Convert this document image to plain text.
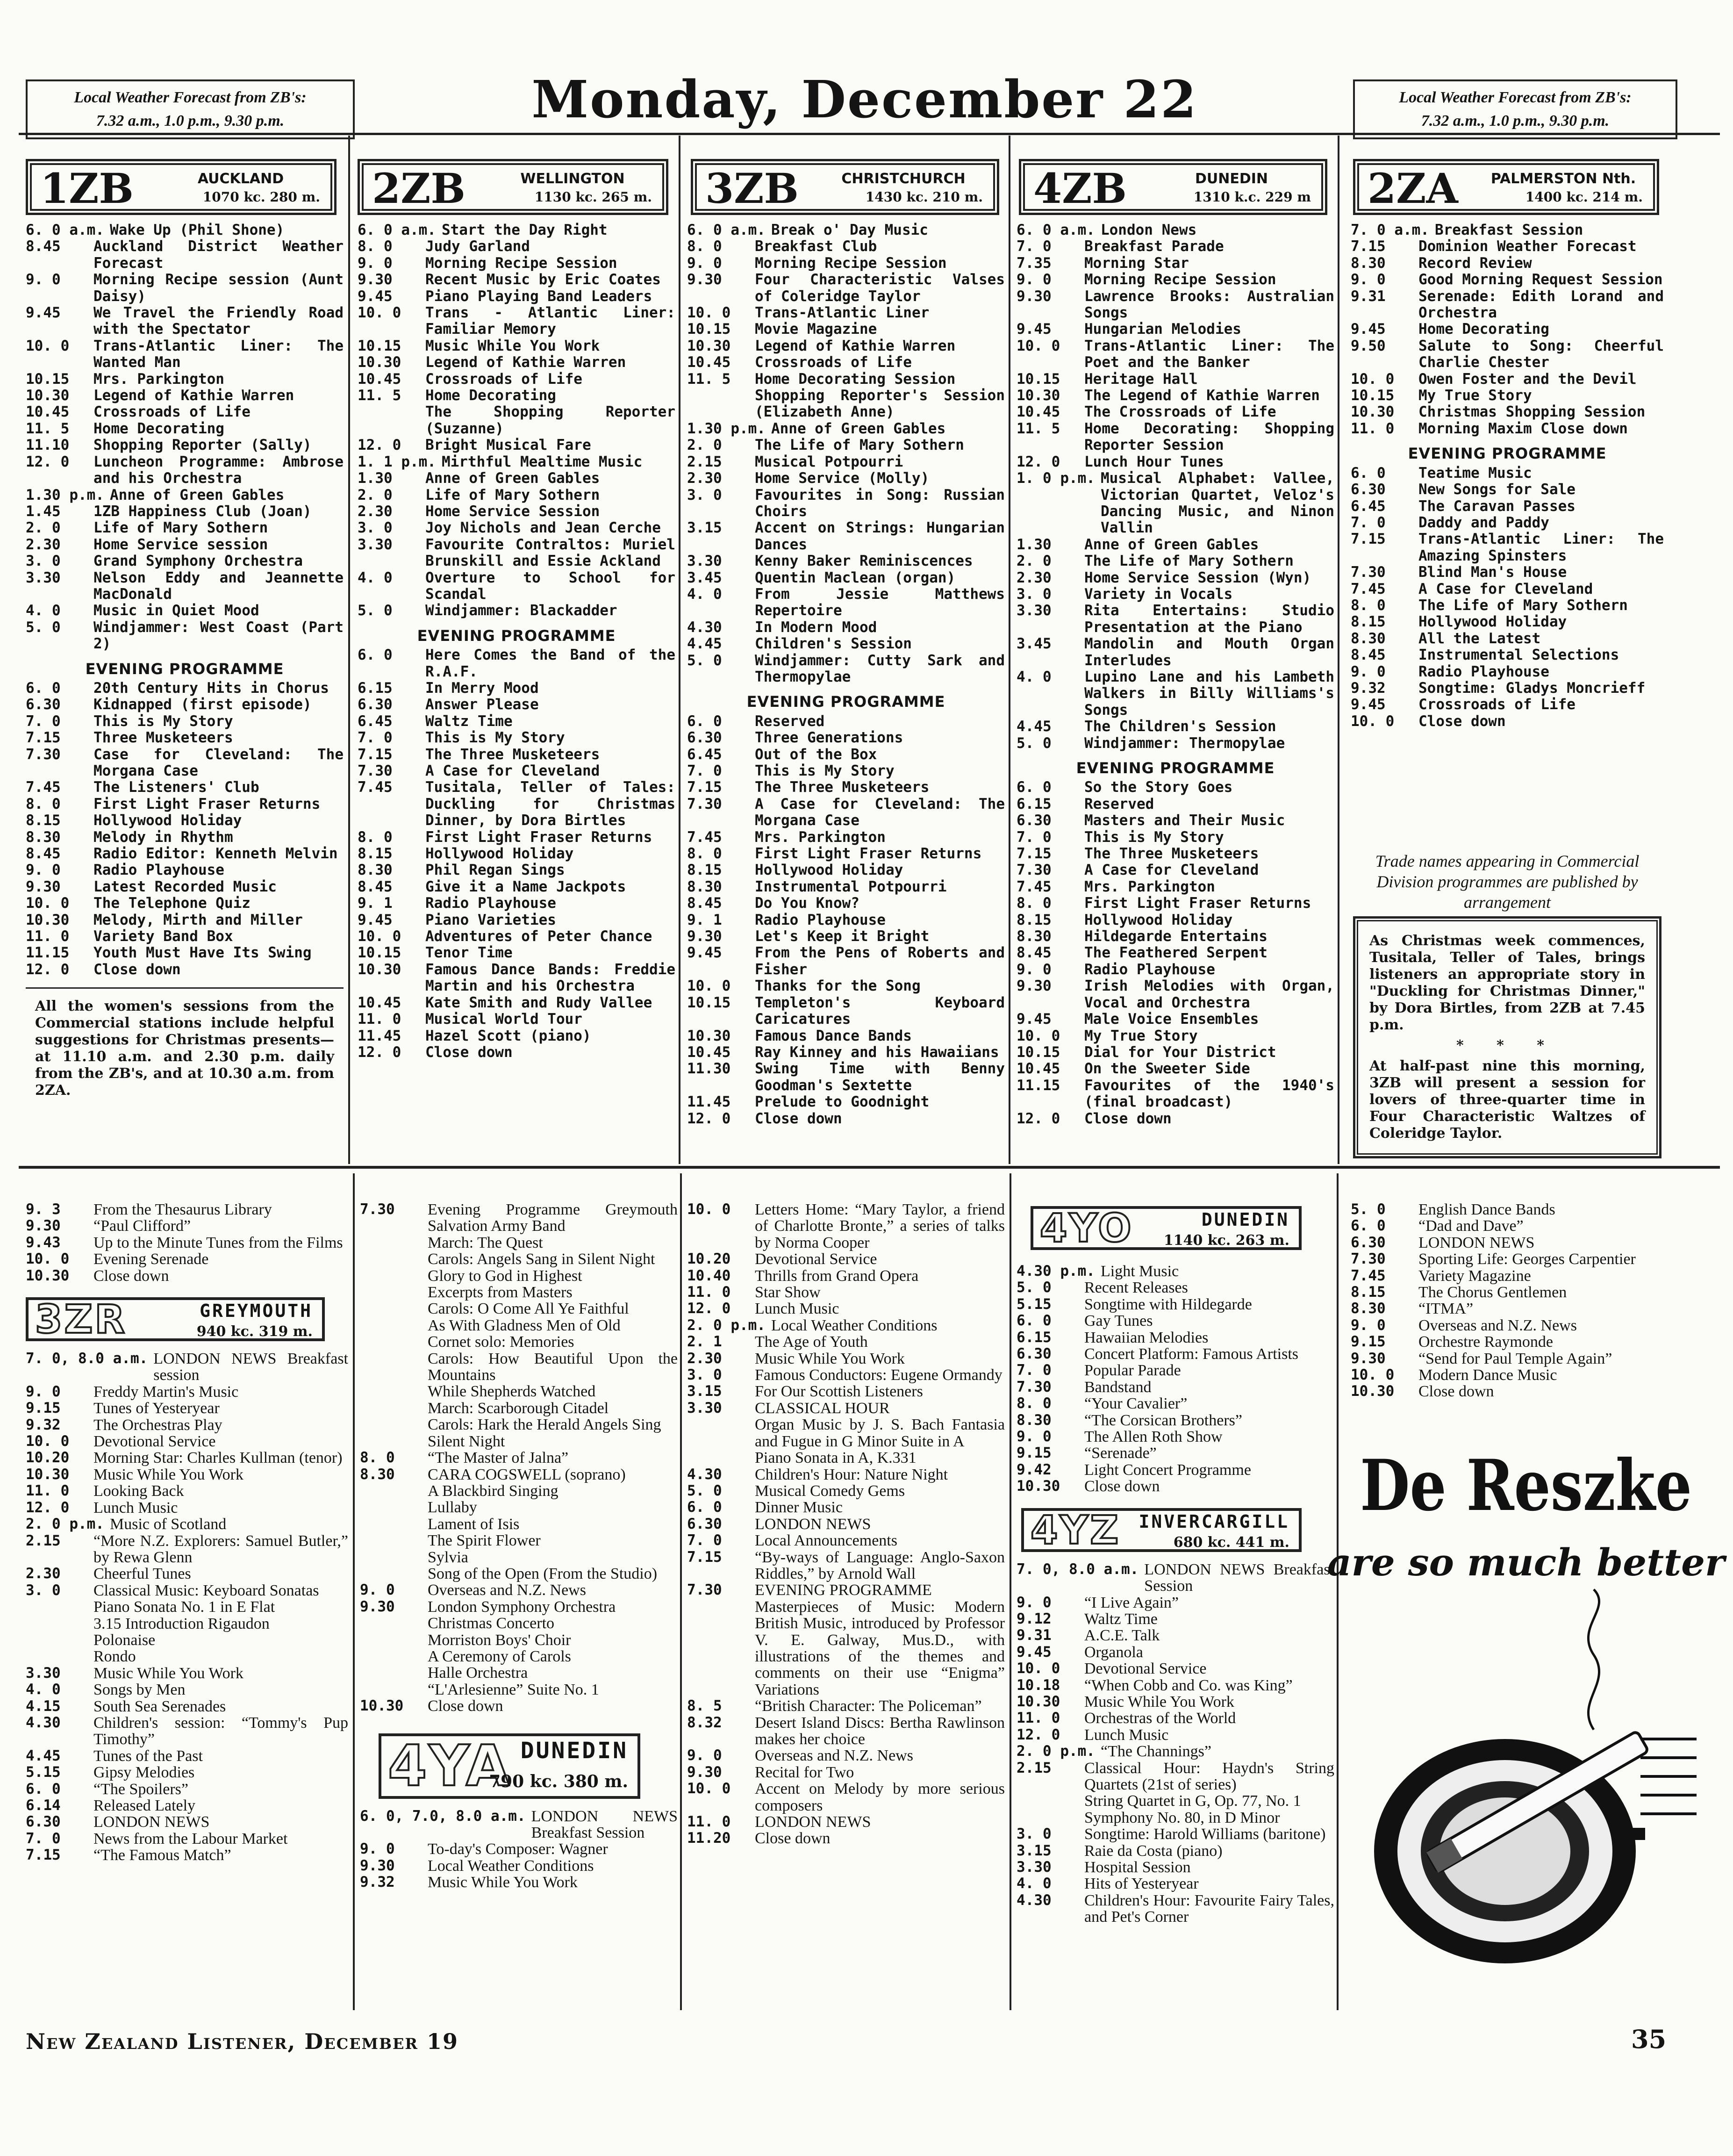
Local Weather Forecast from ZB's:
7.32 a.m., 1.0 p.m., 9.30 p.m.	Monday, December 22	Local Weather Forecast from ZB's:
7.32 a.m., 1.0 p.m., 9.30 p.m.
1ZB	AUCKLAND
1070 kc. 280 m. 2ZB	WELLINGTON
1130 kc. 265 m. 3ZB	CHRISTCHURCH
1430 kc. 210 m. 4ZB	DUNEDIN
1310 k.c. 229 m 2ZA PALMERSTON Nth.
1400 kc. 214 m.
6. 0 a.m. Wake Up (Phil Shone)
8.45	Auckland District Weather Forecast
9. 0	Morning Recipe session (Aunt Daisy)
9.45	We Travel the Friendly Road with the Spectator
10. 0	Trans-Atlantic Liner: The Wanted Man
10.15	Mrs. Parkington
10.30	Legend of Kathie Warren
10.45	Crossroads of Life
11. 5	Home Decorating
11.10	Shopping Reporter (Sally)
12. 0	Luncheon Programme: Ambrose and his Orchestra
1.30 p.m. Anne of Green Gables
1.45	1ZB Happiness Club (Joan)
2. 0	Life of Mary Sothern
2.30	Home Service session
3. 0	Grand Symphony Orchestra
3.30	Nelson Eddy and Jeannette MacDonald
4. 0	Music in Quiet Mood
5. 0	Windjammer: West Coast (Part 2)
EVENING PROGRAMME
6. 0	20th Century Hits in Chorus
6.30	Kidnapped (first episode)
7. 0	This is My Story
7.15	Three Musketeers
7.30	Case for Cleveland: The Morgana Case
7.45	The Listeners' Club
8. 0	First Light Fraser Returns
8.15	Hollywood Holiday
8.30	Melody in Rhythm
8.45	Radio Editor: Kenneth Melvin
9. 0	Radio Playhouse
9.30	Latest Recorded Music
10. 0	The Telephone Quiz
10.30	Melody, Mirth and Miller
11. 0	Variety Band Box
11.15	Youth Must Have Its Swing
12. 0	Close down
All the women's sessions from the Commercial stations include helpful suggestions for Christmas presents—at 11.10 a.m. and 2.30 p.m. daily from the ZB's, and at 10.30 a.m. from 2ZA.
6. 0 a.m. Start the Day Right
8. 0	Judy Garland
9. 0	Morning Recipe Session
9.30	Recent Music by Eric Coates
9.45	Piano Playing Band Leaders
10. 0	Trans - Atlantic Liner: Familiar Memory
10.15	Music While You Work
10.30	Legend of Kathie Warren
10.45	Crossroads of Life
11. 5	Home Decorating
The Shopping Reporter (Suzanne)
12. 0	Bright Musical Fare
1. 1 p.m. Mirthful Mealtime Music
1.30	Anne of Green Gables
2. 0	Life of Mary Sothern
2.30	Home Service Session
3. 0	Joy Nichols and Jean Cerche
3.30	Favourite Contraltos: Muriel Brunskill and Essie Ackland
4. 0	Overture to School for Scandal
5. 0	Windjammer: Blackadder
EVENING PROGRAMME
6. 0	Here Comes the Band of the R.A.F.
6.15	In Merry Mood
6.30	Answer Please
6.45	Waltz Time
7. 0	This is My Story
7.15	The Three Musketeers
7.30	A Case for Cleveland
7.45	Tusitala, Teller of Tales: Duckling for Christmas Dinner, by Dora Birtles
8. 0	First Light Fraser Returns
8.15	Hollywood Holiday
8.30	Phil Regan Sings
8.45	Give it a Name Jackpots
9. 1	Radio Playhouse
9.45	Piano Varieties
10. 0	Adventures of Peter Chance
10.15	Tenor Time
10.30	Famous Dance Bands: Freddie Martin and his Orchestra
10.45	Kate Smith and Rudy Vallee
11. 0	Musical World Tour
11.45	Hazel Scott (piano)
12. 0	Close down
6. 0 a.m. Break o' Day Music
8. 0	Breakfast Club
9. 0	Morning Recipe Session
9.30	Four Characteristic Valses of Coleridge Taylor
10. 0	Trans-Atlantic Liner
10.15	Movie Magazine
10.30	Legend of Kathie Warren
10.45	Crossroads of Life
11. 5	Home Decorating Session
Shopping Reporter's Session (Elizabeth Anne)
1.30 p.m. Anne of Green Gables
2. 0	The Life of Mary Sothern
2.15	Musical Potpourri
2.30	Home Service (Molly)
3. 0	Favourites in Song: Russian Choirs
3.15	Accent on Strings: Hungarian Dances
3.30	Kenny Baker Reminiscences
3.45	Quentin Maclean (organ)
4. 0	From Jessie Matthews Repertoire
4.30	In Modern Mood
4.45	Children's Session
5. 0	Windjammer: Cutty Sark and Thermopylae
EVENING PROGRAMME
6. 0	Reserved
6.30	Three Generations
6.45	Out of the Box
7. 0	This is My Story
7.15	The Three Musketeers
7.30	A Case for Cleveland: The Morgana Case
7.45	Mrs. Parkington
8. 0	First Light Fraser Returns
8.15	Hollywood Holiday
8.30	Instrumental Potpourri
8.45	Do You Know?
9. 1	Radio Playhouse
9.30	Let's Keep it Bright
9.45	From the Pens of Roberts and Fisher
10. 0	Thanks for the Song
10.15	Templeton's Keyboard Caricatures
10.30	Famous Dance Bands
10.45	Ray Kinney and his Hawaiians
11.30	Swing Time with Benny Goodman's Sextette
11.45	Prelude to Goodnight
12. 0	Close down
6. 0 a.m. London News
7. 0	Breakfast Parade
7.35	Morning Star
9. 0	Morning Recipe Session
9.30	Lawrence Brooks: Australian Songs
9.45	Hungarian Melodies
10. 0	Trans-Atlantic Liner: The Poet and the Banker
10.15	Heritage Hall
10.30	The Legend of Kathie Warren
10.45	The Crossroads of Life
11. 5	Home Decorating: Shopping Reporter Session
12. 0	Lunch Hour Tunes
1. 0 p.m. Musical Alphabet: Vallee, Victorian Quartet, Veloz's Dancing Music, and Ninon Vallin
1.30	Anne of Green Gables
2. 0	The Life of Mary Sothern
2.30	Home Service Session (Wyn)
3. 0	Variety in Vocals
3.30	Rita Entertains: Studio Presentation at the Piano
3.45	Mandolin and Mouth Organ Interludes
4. 0	Lupino Lane and his Lambeth Walkers in Billy Williams's Songs
4.45	The Children's Session
5. 0	Windjammer: Thermopylae
EVENING PROGRAMME
6. 0	So the Story Goes
6.15	Reserved
6.30	Masters and Their Music
7. 0	This is My Story
7.15	The Three Musketeers
7.30	A Case for Cleveland
7.45	Mrs. Parkington
8. 0	First Light Fraser Returns
8.15	Hollywood Holiday
8.30	Hildegarde Entertains
8.45	The Feathered Serpent
9. 0	Radio Playhouse
9.30	Irish Melodies with Organ, Vocal and Orchestra
9.45	Male Voice Ensembles
10. 0	My True Story
10.15	Dial for Your District
10.45	On the Sweeter Side
11.15	Favourites of the 1940's (final broadcast)
12. 0	Close down
7. 0 a.m. Breakfast Session
7.15	Dominion Weather Forecast
8.30	Record Review
9. 0	Good Morning Request Session
9.31	Serenade: Edith Lorand and Orchestra
9.45	Home Decorating
9.50	Salute to Song: Cheerful Charlie Chester
10. 0	Owen Foster and the Devil
10.15	My True Story
10.30	Christmas Shopping Session
11. 0	Morning Maxim Close down
EVENING PROGRAMME
6. 0	Teatime Music
6.30	New Songs for Sale
6.45	The Caravan Passes
7. 0	Daddy and Paddy
7.15	Trans-Atlantic Liner: The Amazing Spinsters
7.30	Blind Man's House
7.45	A Case for Cleveland
8. 0	The Life of Mary Sothern
8.15	Hollywood Holiday
8.30	All the Latest
8.45	Instrumental Selections
9. 0	Radio Playhouse
9.32	Songtime: Gladys Moncrieff
9.45	Crossroads of Life
10. 0	Close down
Trade names appearing in Commercial Division programmes are published by arrangement
As Christmas week commences, Tusitala, Teller of Tales, brings listeners an appropriate story in "Duckling for Christmas Dinner," by Dora Birtles, from 2ZB at 7.45 p.m.
* * *
At half-past nine this morning, 3ZB will present a session for lovers of three-quarter time in Four Characteristic Waltzes of Coleridge Taylor.
9. 3	From the Thesaurus Library
9.30	“Paul Clifford”
9.43	Up to the Minute Tunes from the Films
10. 0	Evening Serenade
10.30	Close down
3ZR	GREYMOUTH
940 kc. 319 m.
7. 0, 8.0 a.m. LONDON NEWS Breakfast session
9. 0	Freddy Martin's Music
9.15	Tunes of Yesteryear
9.32	The Orchestras Play
10. 0	Devotional Service
10.20	Morning Star: Charles Kullman (tenor)
10.30	Music While You Work
11. 0	Looking Back
12. 0	Lunch Music
2. 0 p.m. Music of Scotland
2.15	“More N.Z. Explorers: Samuel Butler,” by Rewa Glenn
2.30	Cheerful Tunes
3. 0	Classical Music: Keyboard Sonatas
Piano Sonata No. 1 in E Flat
3.15 Introduction Rigaudon
Polonaise
Rondo
3.30	Music While You Work
4. 0	Songs by Men
4.15	South Sea Serenades
4.30	Children's session: “Tommy's Pup Timothy”
4.45	Tunes of the Past
5.15	Gipsy Melodies
6. 0	“The Spoilers”
6.14	Released Lately
6.30	LONDON NEWS
7. 0	News from the Labour Market
7.15	“The Famous Match”
7.30	Evening Programme Greymouth Salvation Army Band
March: The Quest
Carols: Angels Sang in Silent Night
Glory to God in Highest
Excerpts from Masters
Carols: O Come All Ye Faithful
As With Gladness Men of Old
Cornet solo: Memories
Carols: How Beautiful Upon the Mountains
While Shepherds Watched
March: Scarborough Citadel
Carols: Hark the Herald Angels Sing
Silent Night
8. 0	“The Master of Jalna”
8.30	CARA COGSWELL (soprano)
A Blackbird Singing
Lullaby
Lament of Isis
The Spirit Flower
Sylvia
Song of the Open (From the Studio)
9. 0	Overseas and N.Z. News
9.30	London Symphony Orchestra
Christmas Concerto
Morriston Boys' Choir
A Ceremony of Carols
Halle Orchestra
“L'Arlesienne” Suite No. 1
10.30	Close down
4YA DUNEDIN
790 kc. 380 m.
6. 0, 7.0, 8.0 a.m. LONDON NEWS Breakfast Session
9. 0	To-day's Composer: Wagner
9.30	Local Weather Conditions
9.32	Music While You Work
10. 0	Letters Home: “Mary Taylor, a friend of Charlotte Bronte,” a series of talks by Norma Cooper
10.20	Devotional Service
10.40	Thrills from Grand Opera
11. 0	Star Show
12. 0	Lunch Music
2. 0 p.m. Local Weather Conditions
2. 1	The Age of Youth
2.30	Music While You Work
3. 0	Famous Conductors: Eugene Ormandy
3.15	For Our Scottish Listeners
3.30	CLASSICAL HOUR
Organ Music by J. S. Bach Fantasia and Fugue in G Minor Suite in A
Piano Sonata in A, K.331
4.30	Children's Hour: Nature Night
5. 0	Musical Comedy Gems
6. 0	Dinner Music
6.30	LONDON NEWS
7. 0	Local Announcements
7.15	“By-ways of Language: Anglo-Saxon Riddles,” by Arnold Wall
7.30	EVENING PROGRAMME
Masterpieces of Music: Modern British Music, introduced by Professor V. E. Galway, Mus.D., with illustrations of the themes and comments on their use “Enigma” Variations
8. 5	“British Character: The Policeman”
8.32	Desert Island Discs: Bertha Rawlinson makes her choice
9. 0	Overseas and N.Z. News
9.30	Recital for Two
10. 0	Accent on Melody by more serious composers
11. 0	LONDON NEWS
11.20	Close down
4YO	DUNEDIN
1140 kc. 263 m.
4.30 p.m. Light Music
5. 0	Recent Releases
5.15	Songtime with Hildegarde
6. 0	Gay Tunes
6.15	Hawaiian Melodies
6.30	Concert Platform: Famous Artists
7. 0	Popular Parade
7.30	Bandstand
8. 0	“Your Cavalier”
8.30	“The Corsican Brothers”
9. 0	The Allen Roth Show
9.15	“Serenade”
9.42	Light Concert Programme
10.30	Close down
4YZ INVERCARGILL
680 kc. 441 m.
7. 0, 8.0 a.m. LONDON NEWS Breakfast Session
9. 0	“I Live Again”
9.12	Waltz Time
9.31	A.C.E. Talk
9.45	Organola
10. 0	Devotional Service
10.18	“When Cobb and Co. was King”
10.30	Music While You Work
11. 0	Orchestras of the World
12. 0	Lunch Music
2. 0 p.m. “The Channings”
2.15	Classical Hour: Haydn's String Quartets (21st of series)
String Quartet in G, Op. 77, No. 1
Symphony No. 80, in D Minor
3. 0	Songtime: Harold Williams (baritone)
3.15	Raie da Costa (piano)
3.30	Hospital Session
4. 0	Hits of Yesteryear
4.30	Children's Hour: Favourite Fairy Tales, and Pet's Corner
5. 0	English Dance Bands
6. 0	“Dad and Dave”
6.30	LONDON NEWS
7.30	Sporting Life: Georges Carpentier
7.45	Variety Magazine
8.15	The Chorus Gentlemen
8.30	“ITMA”
9. 0	Overseas and N.Z. News
9.15	Orchestre Raymonde
9.30	“Send for Paul Temple Again”
10. 0	Modern Dance Music
10.30	Close down
De Reszke
are so much better
New Zealand Listener, December 19	35
